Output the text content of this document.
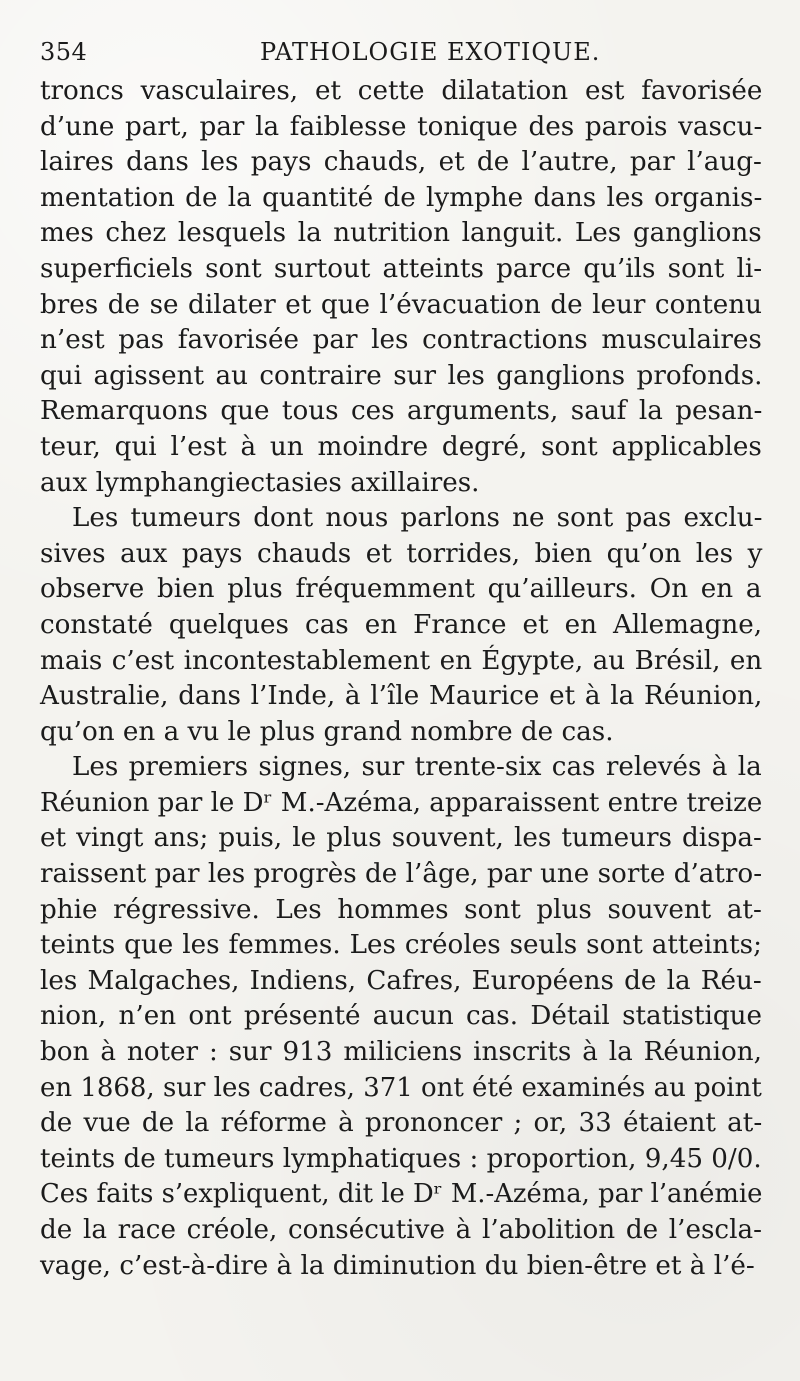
354	PATHOLOGIE EXOTIQUE.
troncs vasculaires, et cette dilatation est favorisée
d’une part, par la faiblesse tonique des parois vascu-
laires dans les pays chauds, et de l’autre, par l’aug-
mentation de la quantité de lymphe dans les organis-
mes chez lesquels la nutrition languit. Les ganglions
superficiels sont surtout atteints parce qu’ils sont li-
bres de se dilater et que l’évacuation de leur contenu
n’est pas favorisée par les contractions musculaires
qui agissent au contraire sur les ganglions profonds.
Remarquons que tous ces arguments, sauf la pesan-
teur, qui l’est à un moindre degré, sont applicables
aux lymphangiectasies axillaires.
Les tumeurs dont nous parlons ne sont pas exclu-
sives aux pays chauds et torrides, bien qu’on les y
observe bien plus fréquemment qu’ailleurs. On en a
constaté quelques cas en France et en Allemagne,
mais c’est incontestablement en Égypte, au Brésil, en
Australie, dans l’Inde, à l’île Maurice et à la Réunion,
qu’on en a vu le plus grand nombre de cas.
Les premiers signes, sur trente-six cas relevés à la
Réunion par le Dʳ M.-Azéma, apparaissent entre treize
et vingt ans; puis, le plus souvent, les tumeurs dispa-
raissent par les progrès de l’âge, par une sorte d’atro-
phie régressive. Les hommes sont plus souvent at-
teints que les femmes. Les créoles seuls sont atteints;
les Malgaches, Indiens, Cafres, Européens de la Réu-
nion, n’en ont présenté aucun cas. Détail statistique
bon à noter : sur 913 miliciens inscrits à la Réunion,
en 1868, sur les cadres, 371 ont été examinés au point
de vue de la réforme à prononcer ; or, 33 étaient at-
teints de tumeurs lymphatiques : proportion, 9,45 0/0.
Ces faits s’expliquent, dit le Dʳ M.-Azéma, par l’anémie
de la race créole, consécutive à l’abolition de l’escla-
vage, c’est-à-dire à la diminution du bien-être et à l’é-
